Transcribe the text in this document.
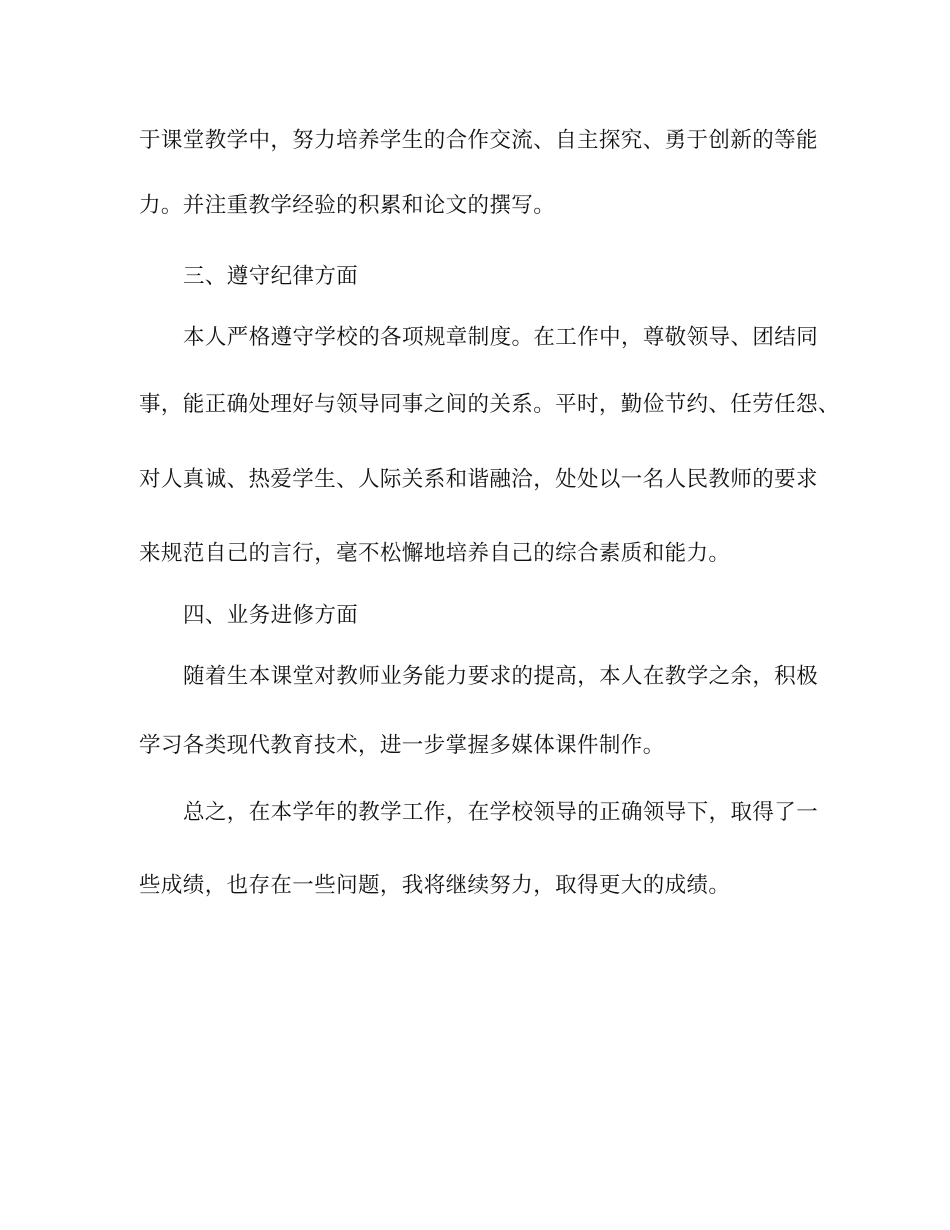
于课堂教学中，努力培养学生的合作交流、自主探究、勇于创新的等能
力。并注重教学经验的积累和论文的撰写。
三、遵守纪律方面
本人严格遵守学校的各项规章制度。在工作中，尊敬领导、团结同
事，能正确处理好与领导同事之间的关系。平时，勤俭节约、任劳任怨、
对人真诚、热爱学生、人际关系和谐融洽，处处以一名人民教师的要求
来规范自己的言行，毫不松懈地培养自己的综合素质和能力。
四、业务进修方面
随着生本课堂对教师业务能力要求的提高，本人在教学之余，积极
学习各类现代教育技术，进一步掌握多媒体课件制作。
总之，在本学年的教学工作，在学校领导的正确领导下，取得了一
些成绩，也存在一些问题，我将继续努力，取得更大的成绩。
